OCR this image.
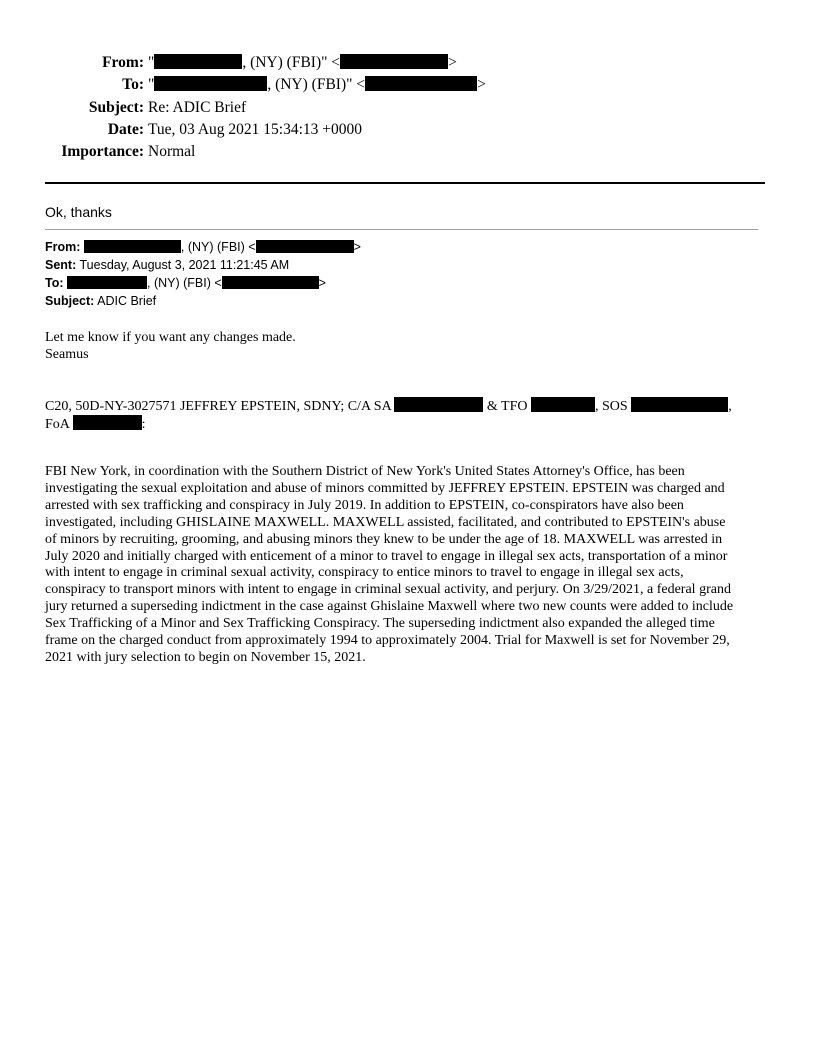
From: "	, (NY) (FBI)" <	>
To: "	, (NY) (FBI)" <	>
Subject: Re: ADIC Brief
Date: Tue, 03 Aug 2021 15:34:13 +0000
Importance: Normal
Ok, thanks
From:	, (NY) (FBI) <	>
Sent: Tuesday, August 3, 2021 11:21:45 AM
To:	, (NY) (FBI) <	>
Subject: ADIC Brief
Let me know if you want any changes made.
Seamus
C20, 50D-NY-3027571 JEFFREY EPSTEIN, SDNY; C/A SA	& TFO	, SOS	,
FoA	:

FBI New York, in coordination with the Southern District of New York's United States Attorney's Office, has been

investigating the sexual exploitation and abuse of minors committed by JEFFREY EPSTEIN. EPSTEIN was charged and

arrested with sex trafficking and conspiracy in July 2019. In addition to EPSTEIN, co-conspirators have also been

investigated, including GHISLAINE MAXWELL. MAXWELL assisted, facilitated, and contributed to EPSTEIN's abuse

of minors by recruiting, grooming, and abusing minors they knew to be under the age of 18. MAXWELL was arrested in

July 2020 and initially charged with enticement of a minor to travel to engage in illegal sex acts, transportation of a minor

with intent to engage in criminal sexual activity, conspiracy to entice minors to travel to engage in illegal sex acts,

conspiracy to transport minors with intent to engage in criminal sexual activity, and perjury. On 3/29/2021, a federal grand

jury returned a superseding indictment in the case against Ghislaine Maxwell where two new counts were added to include

Sex Trafficking of a Minor and Sex Trafficking Conspiracy. The superseding indictment also expanded the alleged time

frame on the charged conduct from approximately 1994 to approximately 2004. Trial for Maxwell is set for November 29,

2021 with jury selection to begin on November 15, 2021.
